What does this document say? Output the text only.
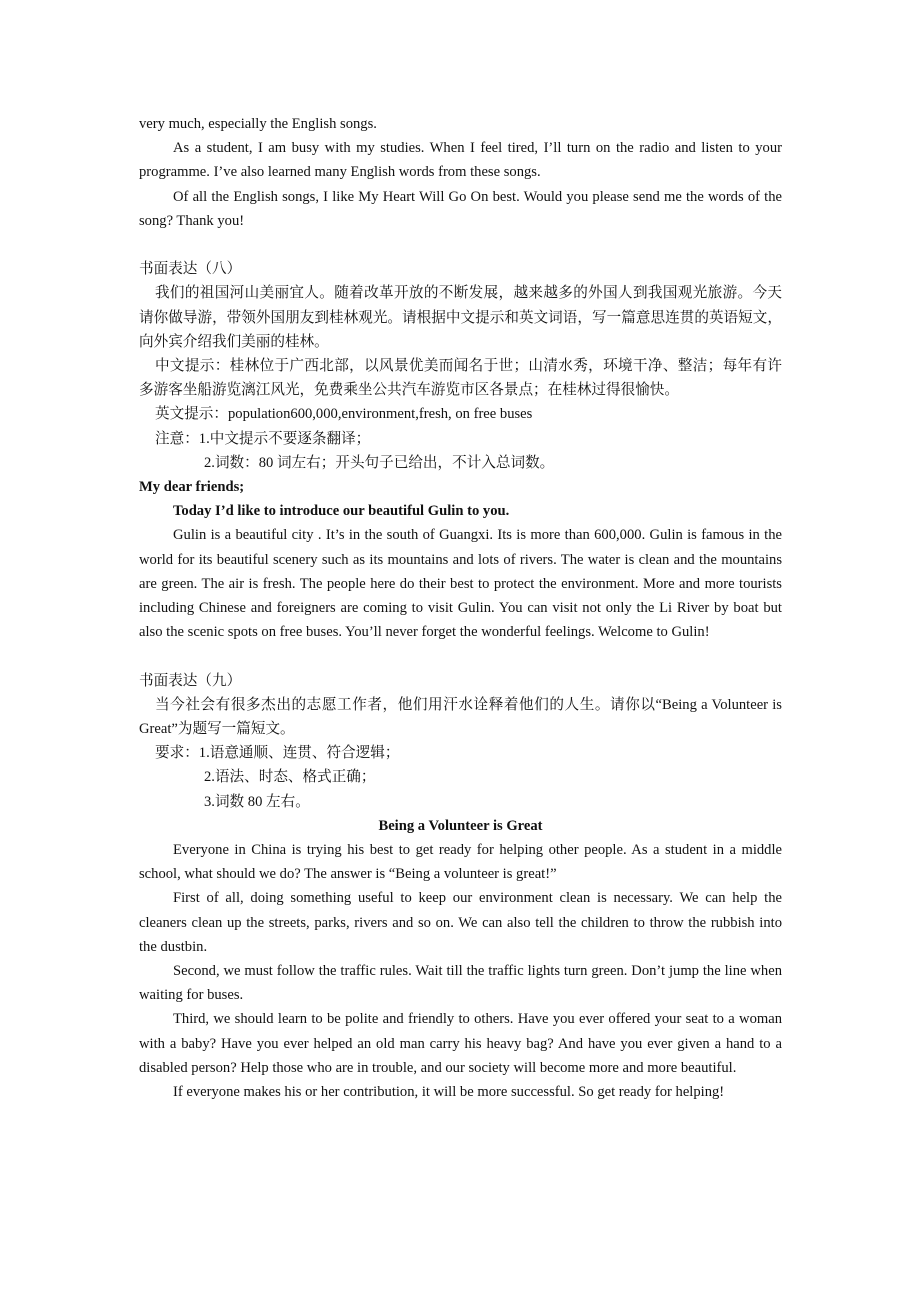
very much, especially the English songs.

As a student, I am busy with my studies. When I feel tired, I’ll turn on the radio and listen to your programme. I’ve also learned many English words from these songs.

Of all the English songs, I like My Heart Will Go On best. Would you please send me the words of the song? Thank you!

书面表达（八）

我们的祖国河山美丽宜人。随着改革开放的不断发展，越来越多的外国人到我国观光旅游。今天请你做导游，带领外国朋友到桂林观光。请根据中文提示和英文词语，写一篇意思连贯的英语短文，向外宾介绍我们美丽的桂林。

中文提示：桂林位于广西北部，以风景优美而闻名于世；山清水秀，环境干净、整洁；每年有许多游客坐船游览漓江风光，免费乘坐公共汽车游览市区各景点；在桂林过得很愉快。

英文提示：population600,000,environment,fresh, on free buses

注意：1.中文提示不要逐条翻译；

2.词数：80 词左右；开头句子已给出，不计入总词数。

My dear friends;

Today I’d like to introduce our beautiful Gulin to you.

Gulin is a beautiful city . It’s in the south of Guangxi. Its is more than 600,000. Gulin is famous in the world for its beautiful scenery such as its mountains and lots of rivers. The water is clean and the mountains are green. The air is fresh. The people here do their best to protect the environment. More and more tourists including Chinese and foreigners are coming to visit Gulin. You can visit not only the Li River by boat but also the scenic spots on free buses. You’ll never forget the wonderful feelings. Welcome to Gulin!

书面表达（九）

当今社会有很多杰出的志愿工作者，他们用汗水诠释着他们的人生。请你以“Being a Volunteer is Great”为题写一篇短文。

要求：1.语意通顺、连贯、符合逻辑；

2.语法、时态、格式正确；

3.词数 80 左右。

Being a Volunteer is Great

Everyone in China is trying his best to get ready for helping other people. As a student in a middle school, what should we do? The answer is “Being a volunteer is great!”

First of all, doing something useful to keep our environment clean is necessary. We can help the cleaners clean up the streets, parks, rivers and so on. We can also tell the children to throw the rubbish into the dustbin.

Second, we must follow the traffic rules. Wait till the traffic lights turn green. Don’t jump the line when waiting for buses.

Third, we should learn to be polite and friendly to others. Have you ever offered your seat to a woman with a baby? Have you ever helped an old man carry his heavy bag? And have you ever given a hand to a disabled person? Help those who are in trouble, and our society will become more and more beautiful.

If everyone makes his or her contribution, it will be more successful. So get ready for helping!
